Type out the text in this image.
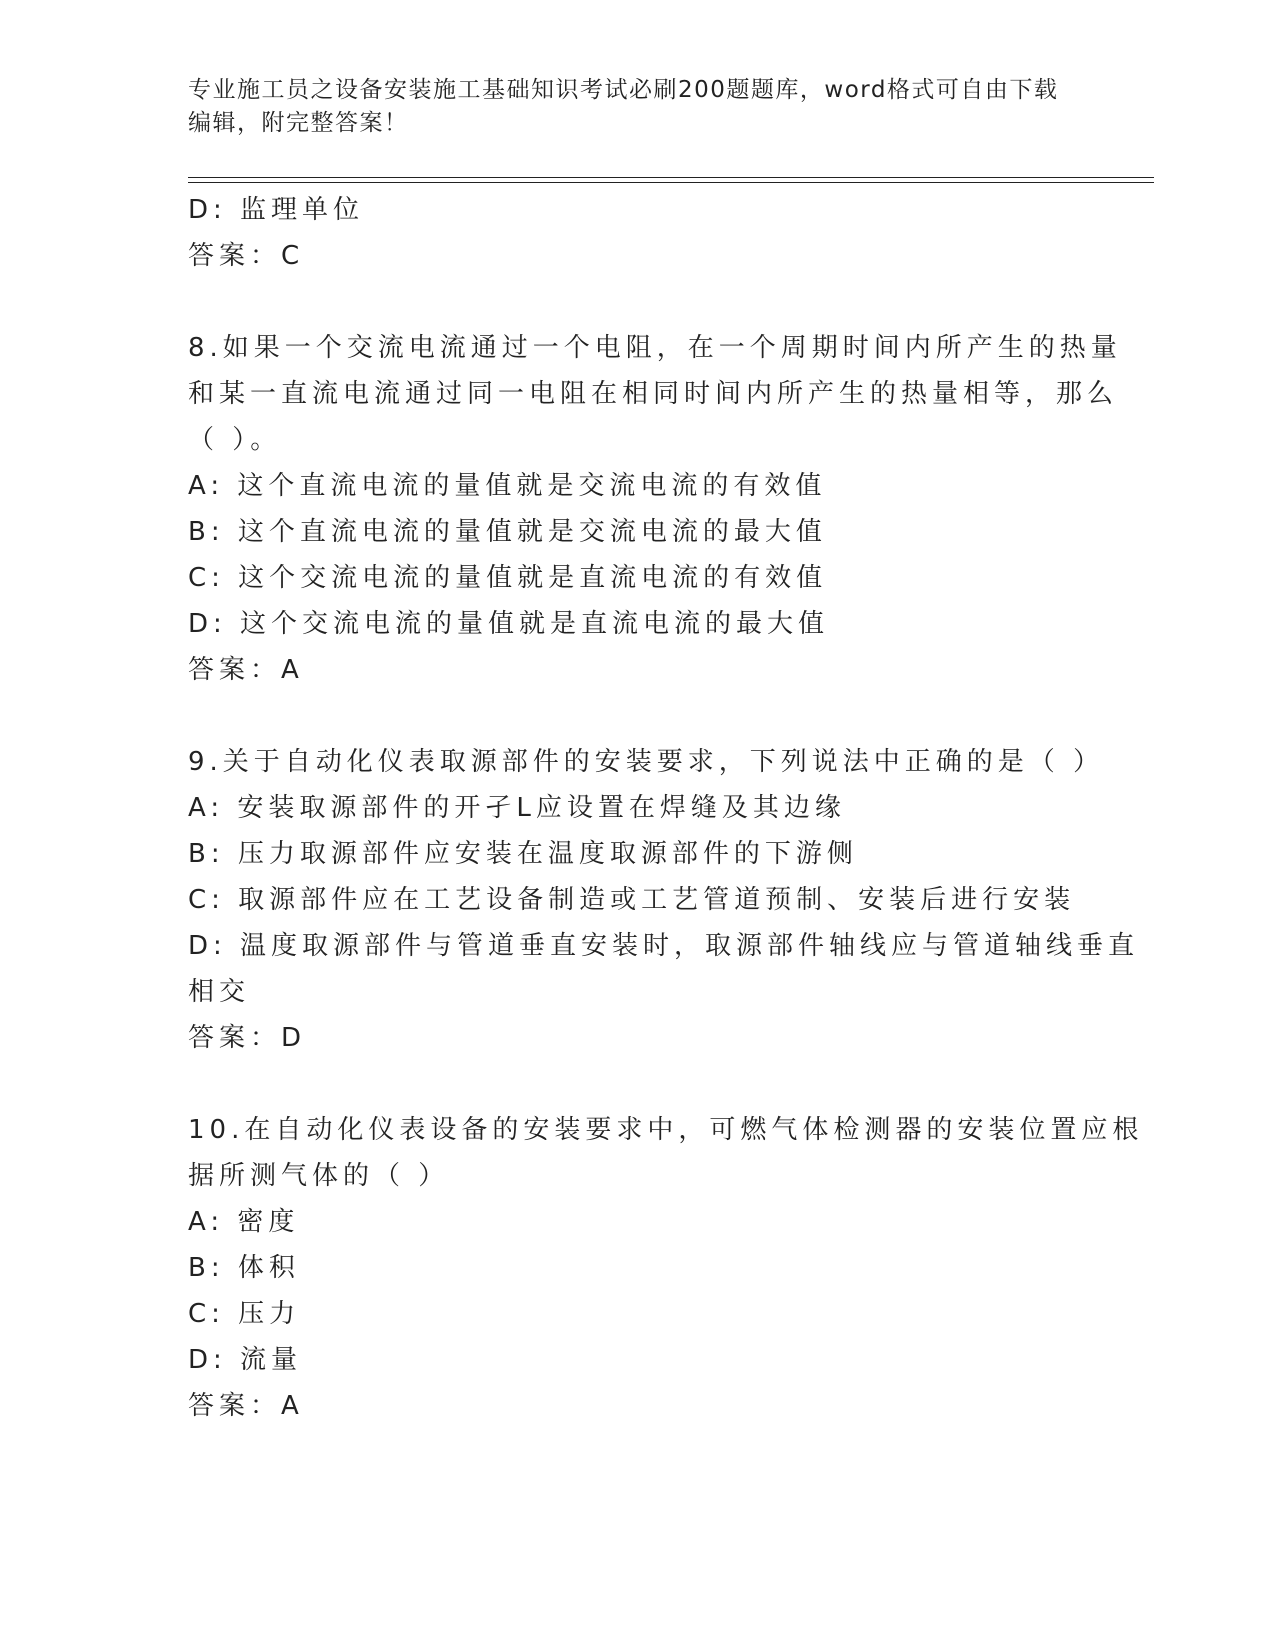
专业施工员之设备安装施工基础知识考试必刷200题题库，word格式可自由下载
编辑，附完整答案！
D: 监理单位
答案：C
8.如果一个交流电流通过一个电阻，在一个周期时间内所产生的热量
和某一直流电流通过同一电阻在相同时间内所产生的热量相等，那么
（ ）。
A: 这个直流电流的量值就是交流电流的有效值
B: 这个直流电流的量值就是交流电流的最大值
C: 这个交流电流的量值就是直流电流的有效值
D: 这个交流电流的量值就是直流电流的最大值
答案：A
9.关于自动化仪表取源部件的安装要求，下列说法中正确的是（ ）
A: 安装取源部件的开孑L应设置在焊缝及其边缘
B: 压力取源部件应安装在温度取源部件的下游侧
C: 取源部件应在工艺设备制造或工艺管道预制、安装后进行安装
D: 温度取源部件与管道垂直安装时，取源部件轴线应与管道轴线垂直
相交
答案：D
10.在自动化仪表设备的安装要求中，可燃气体检测器的安装位置应根
据所测气体的（ ）
A: 密度
B: 体积
C: 压力
D: 流量
答案：A
